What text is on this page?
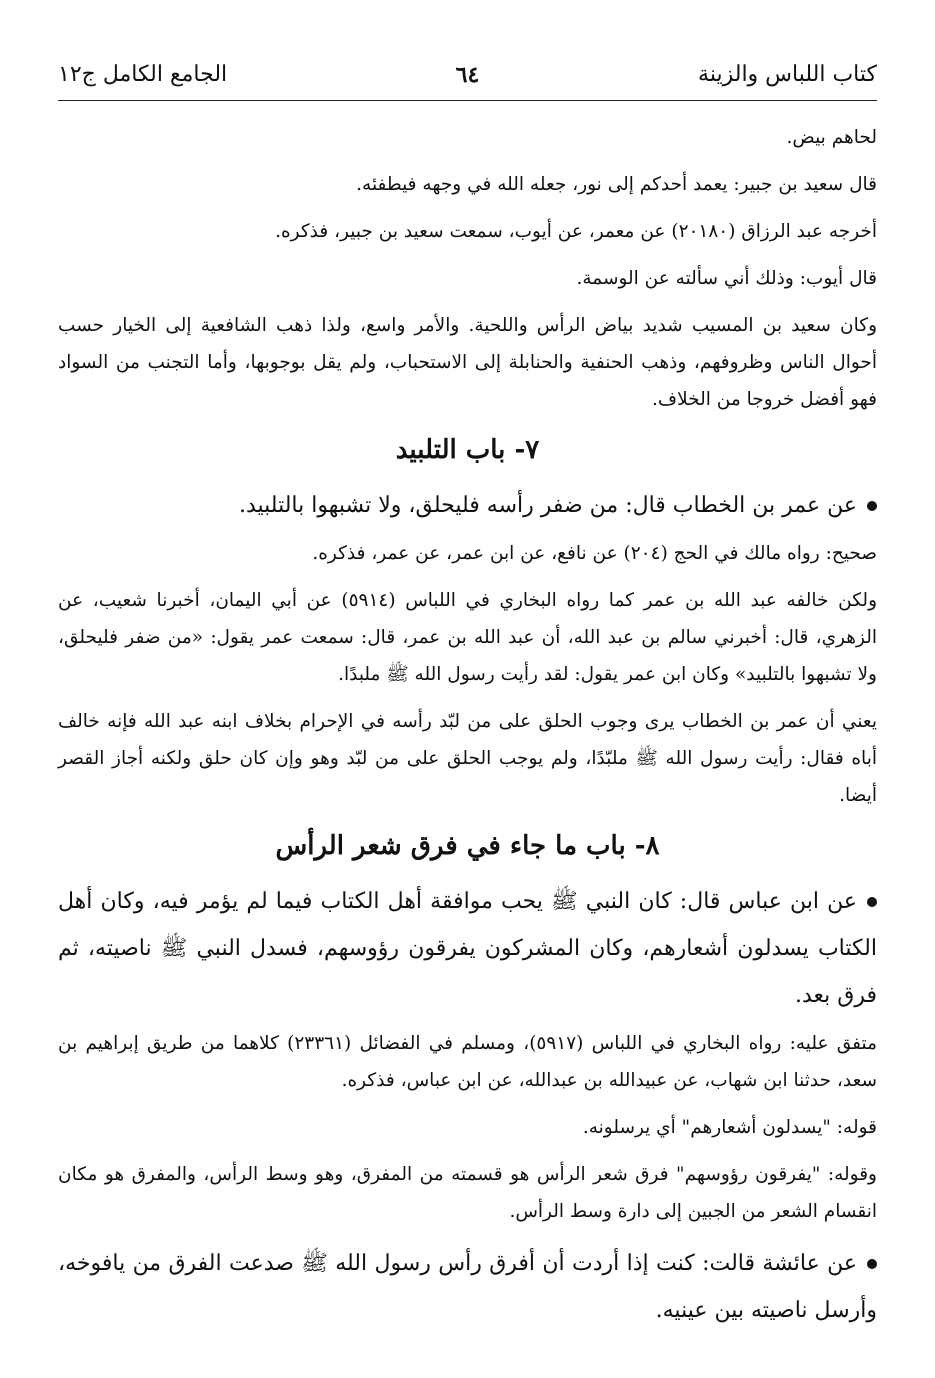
كتاب اللباس والزينة
٦٤
الجامع الكامل ج١٢

لحاهم بيض.

قال سعيد بن جبير: يعمد أحدكم إلى نور، جعله الله في وجهه فيطفئه.

أخرجه عبد الرزاق (٢٠١٨٠) عن معمر، عن أيوب، سمعت سعيد بن جبير، فذكره.

قال أيوب: وذلك أني سألته عن الوسمة.

وكان سعيد بن المسيب شديد بياض الرأس واللحية. والأمر واسع، ولذا ذهب الشافعية إلى الخيار حسب أحوال الناس وظروفهم، وذهب الحنفية والحنابلة إلى الاستحباب، ولم يقل بوجوبها، وأما التجنب من السواد فهو أفضل خروجا من الخلاف.

٧- باب التلبيد

عن عمر بن الخطاب قال: من ضفر رأسه فليحلق، ولا تشبهوا بالتلبيد.

صحيح: رواه مالك في الحج (٢٠٤) عن نافع، عن ابن عمر، عن عمر، فذكره.

ولكن خالفه عبد الله بن عمر كما رواه البخاري في اللباس (٥٩١٤) عن أبي اليمان، أخبرنا شعيب، عن الزهري، قال: أخبرني سالم بن عبد الله، أن عبد الله بن عمر، قال: سمعت عمر يقول: «من ضفر فليحلق، ولا تشبهوا بالتلبيد» وكان ابن عمر يقول: لقد رأيت رسول الله ﷺ ملبدًا.

يعني أن عمر بن الخطاب يرى وجوب الحلق على من لبّد رأسه في الإحرام بخلاف ابنه عبد الله فإنه خالف أباه فقال: رأيت رسول الله ﷺ ملبّدًا، ولم يوجب الحلق على من لبّد وهو وإن كان حلق ولكنه أجاز القصر أيضا.

٨- باب ما جاء في فرق شعر الرأس

عن ابن عباس قال: كان النبي ﷺ يحب موافقة أهل الكتاب فيما لم يؤمر فيه، وكان أهل الكتاب يسدلون أشعارهم، وكان المشركون يفرقون رؤوسهم، فسدل النبي ﷺ ناصيته، ثم فرق بعد.

متفق عليه: رواه البخاري في اللباس (٥٩١٧)، ومسلم في الفضائل (٢٣٣٦١) كلاهما من طريق إبراهيم بن سعد، حدثنا ابن شهاب، عن عبيدالله بن عبدالله، عن ابن عباس، فذكره.

قوله: "يسدلون أشعارهم" أي يرسلونه.

وقوله: "يفرقون رؤوسهم" فرق شعر الرأس هو قسمته من المفرق، وهو وسط الرأس، والمفرق هو مكان انقسام الشعر من الجبين إلى دارة وسط الرأس.

عن عائشة قالت: كنت إذا أردت أن أفرق رأس رسول الله ﷺ صدعت الفرق من يافوخه، وأرسل ناصيته بين عينيه.
